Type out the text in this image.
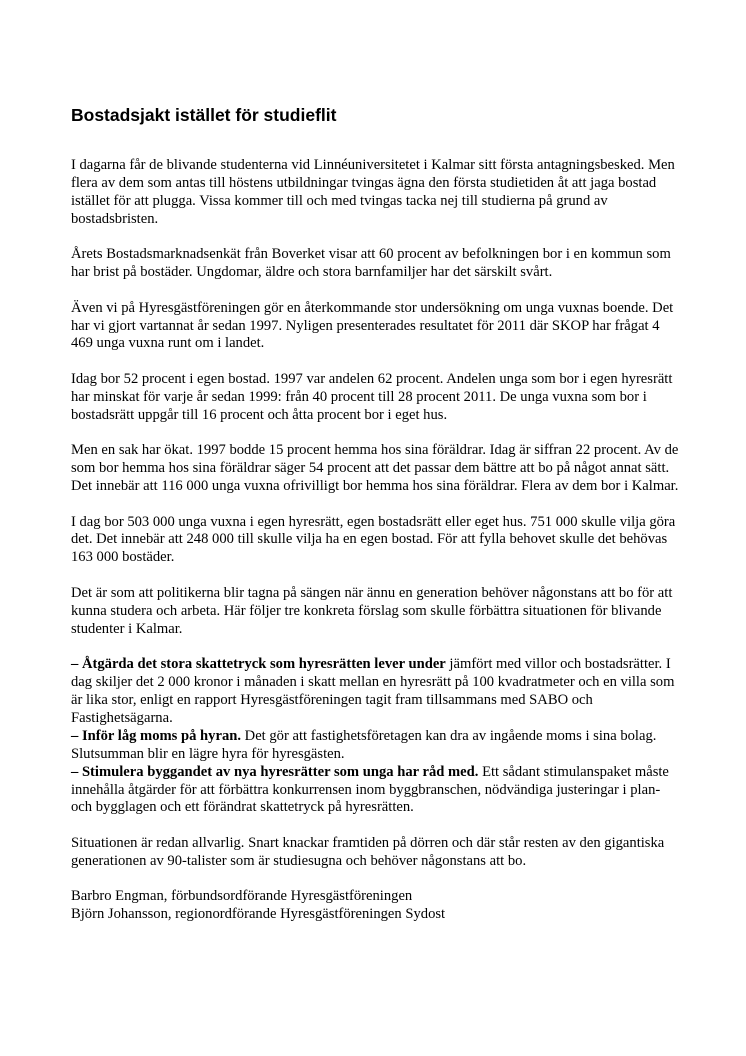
Bostadsjakt istället för studieflit

I dagarna får de blivande studenterna vid Linnéuniversitetet i Kalmar sitt första antagningsbesked. Men flera av dem som antas till höstens utbildningar tvingas ägna den första studietiden åt att jaga bostad istället för att plugga. Vissa kommer till och med tvingas tacka nej till studierna på grund av bostadsbristen.

Årets Bostadsmarknadsenkät från Boverket visar att 60 procent av befolkningen bor i en kommun som har brist på bostäder. Ungdomar, äldre och stora barnfamiljer har det särskilt svårt.

Även vi på Hyresgästföreningen gör en återkommande stor undersökning om unga vuxnas boende. Det har vi gjort vartannat år sedan 1997. Nyligen presenterades resultatet för 2011 där SKOP har frågat 4 469 unga vuxna runt om i landet.

Idag bor 52 procent i egen bostad. 1997 var andelen 62 procent. Andelen unga som bor i egen hyresrätt har minskat för varje år sedan 1999: från 40 procent till 28 procent 2011. De unga vuxna som bor i bostadsrätt uppgår till 16 procent och åtta procent bor i eget hus.

Men en sak har ökat. 1997 bodde 15 procent hemma hos sina föräldrar. Idag är siffran 22 procent. Av de som bor hemma hos sina föräldrar säger 54 procent att det passar dem bättre att bo på något annat sätt. Det innebär att 116 000 unga vuxna ofrivilligt bor hemma hos sina föräldrar. Flera av dem bor i Kalmar.

I dag bor 503 000 unga vuxna i egen hyresrätt, egen bostadsrätt eller eget hus. 751 000 skulle vilja göra det. Det innebär att 248 000 till skulle vilja ha en egen bostad. För att fylla behovet skulle det behövas 163 000 bostäder.

Det är som att politikerna blir tagna på sängen när ännu en generation behöver någonstans att bo för att kunna studera och arbeta. Här följer tre konkreta förslag som skulle förbättra situationen för blivande studenter i Kalmar.

– Åtgärda det stora skattetryck som hyresrätten lever under jämfört med villor och bostadsrätter. I dag skiljer det 2 000 kronor i månaden i skatt mellan en hyresrätt på 100 kvadratmeter och en villa som är lika stor, enligt en rapport Hyresgästföreningen tagit fram tillsammans med SABO och Fastighetsägarna.
– Inför låg moms på hyran. Det gör att fastighetsföretagen kan dra av ingående moms i sina bolag. Slutsumman blir en lägre hyra för hyresgästen.
– Stimulera byggandet av nya hyresrätter som unga har råd med. Ett sådant stimulanspaket måste innehålla åtgärder för att förbättra konkurrensen inom byggbranschen, nödvändiga justeringar i plan- och bygglagen och ett förändrat skattetryck på hyresrätten.

Situationen är redan allvarlig. Snart knackar framtiden på dörren och där står resten av den gigantiska generationen av 90-talister som är studiesugna och behöver någonstans att bo.

Barbro Engman, förbundsordförande Hyresgästföreningen
Björn Johansson, regionordförande Hyresgästföreningen Sydost
